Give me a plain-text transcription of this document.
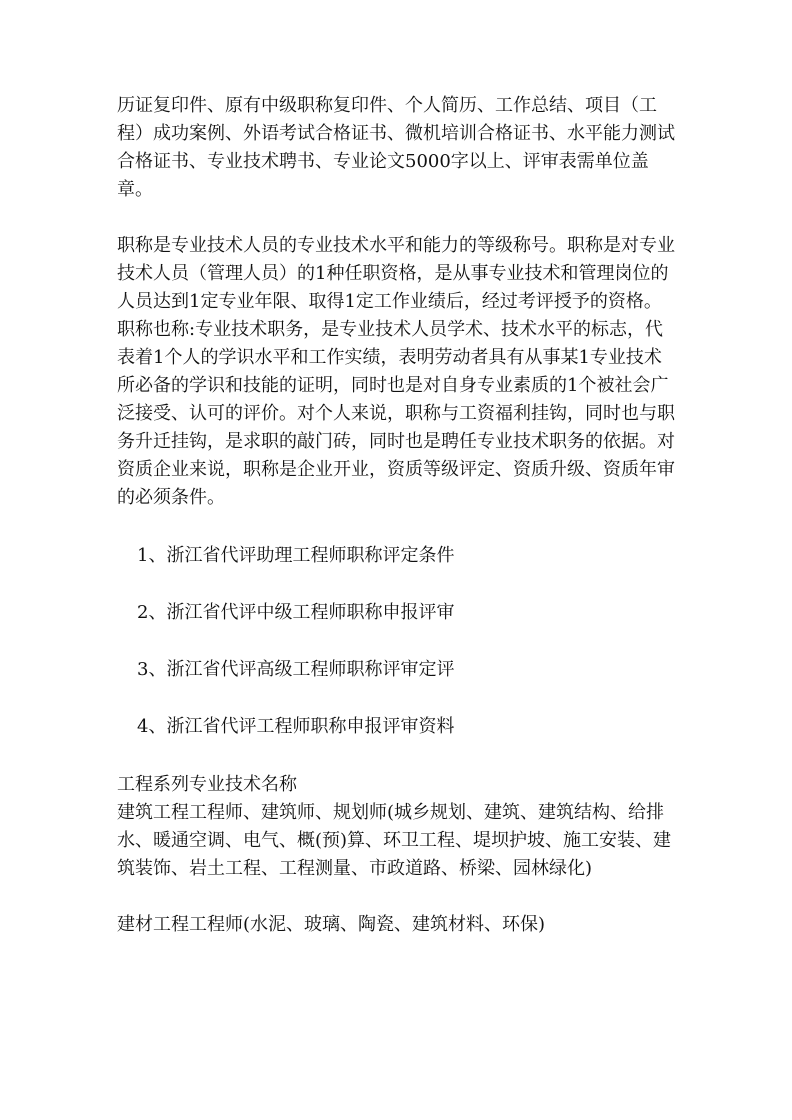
历证复印件、原有中级职称复印件、个人简历、工作总结、项目（工程）成功案例、外语考试合格证书、微机培训合格证书、水平能力测试合格证书、专业技术聘书、专业论文5000字以上、评审表需单位盖章。

职称是专业技术人员的专业技术水平和能力的等级称号。职称是对专业技术人员（管理人员）的1种任职资格，是从事专业技术和管理岗位的人员达到1定专业年限、取得1定工作业绩后，经过考评授予的资格。

职称也称:专业技术职务，是专业技术人员学术、技术水平的标志，代表着1个人的学识水平和工作实绩，表明劳动者具有从事某1专业技术所必备的学识和技能的证明，同时也是对自身专业素质的1个被社会广泛接受、认可的评价。对个人来说，职称与工资福利挂钩，同时也与职务升迁挂钩，是求职的敲门砖，同时也是聘任专业技术职务的依据。对资质企业来说，职称是企业开业，资质等级评定、资质升级、资质年审的必须条件。

1、浙江省代评助理工程师职称评定条件

2、浙江省代评中级工程师职称申报评审

3、浙江省代评高级工程师职称评审定评

4、浙江省代评工程师职称申报评审资料

工程系列专业技术名称

建筑工程工程师、建筑师、规划师(城乡规划、建筑、建筑结构、给排水、暖通空调、电气、概(预)算、环卫工程、堤坝护坡、施工安装、建筑装饰、岩土工程、工程测量、市政道路、桥梁、园林绿化)

建材工程工程师(水泥、玻璃、陶瓷、建筑材料、环保)
